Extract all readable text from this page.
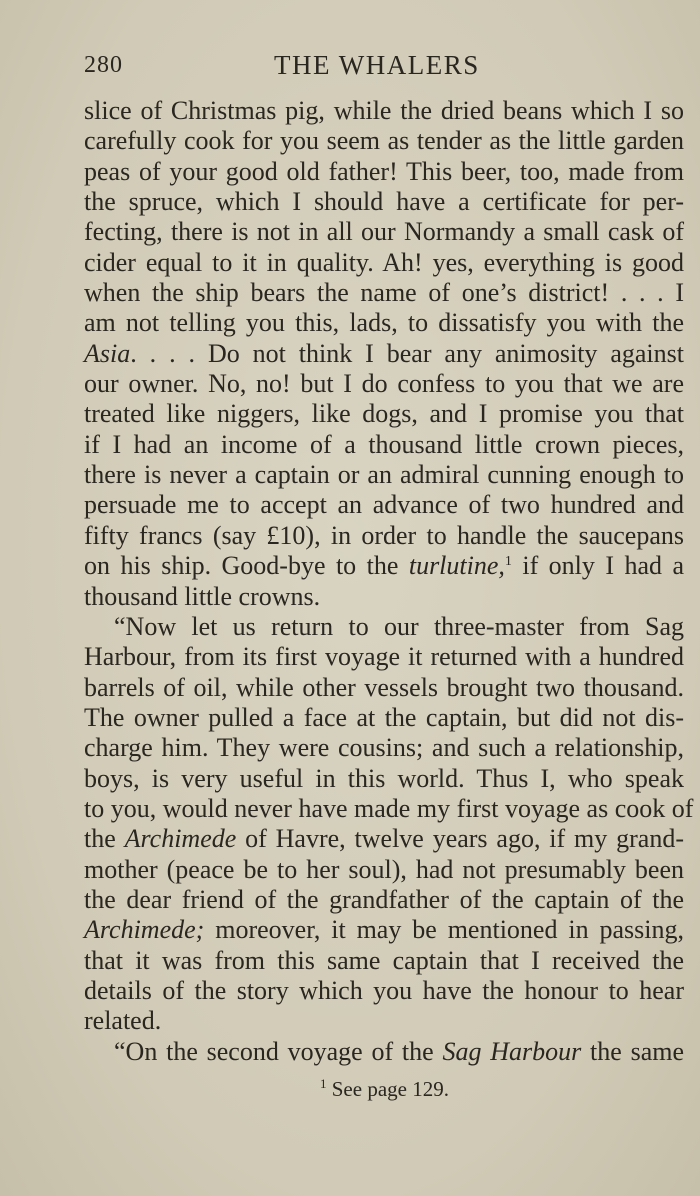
280	THE WHALERS
slice of Christmas pig, while the dried beans which I so
carefully cook for you seem as tender as the little garden
peas of your good old father! This beer, too, made from
the spruce, which I should have a certificate for per-
fecting, there is not in all our Normandy a small cask of
cider equal to it in quality. Ah! yes, everything is good
when the ship bears the name of one’s district! . . . I
am not telling you this, lads, to dissatisfy you with the
Asia. . . . Do not think I bear any animosity against
our owner. No, no! but I do confess to you that we are
treated like niggers, like dogs, and I promise you that
if I had an income of a thousand little crown pieces,
there is never a captain or an admiral cunning enough to
persuade me to accept an advance of two hundred and
fifty francs (say £10), in order to handle the saucepans
on his ship. Good-bye to the turlutine,$^1$ if only I had a
thousand little crowns.
“Now let us return to our three-master from Sag
Harbour, from its first voyage it returned with a hundred
barrels of oil, while other vessels brought two thousand.
The owner pulled a face at the captain, but did not dis-
charge him. They were cousins; and such a relationship,
boys, is very useful in this world. Thus I, who speak
to you, would never have made my first voyage as cook of
the Archimede of Havre, twelve years ago, if my grand-
mother (peace be to her soul), had not presumably been
the dear friend of the grandfather of the captain of the
Archimede; moreover, it may be mentioned in passing,
that it was from this same captain that I received the
details of the story which you have the honour to hear
related.
“On the second voyage of the Sag Harbour the same
$^1$ See page 129.
